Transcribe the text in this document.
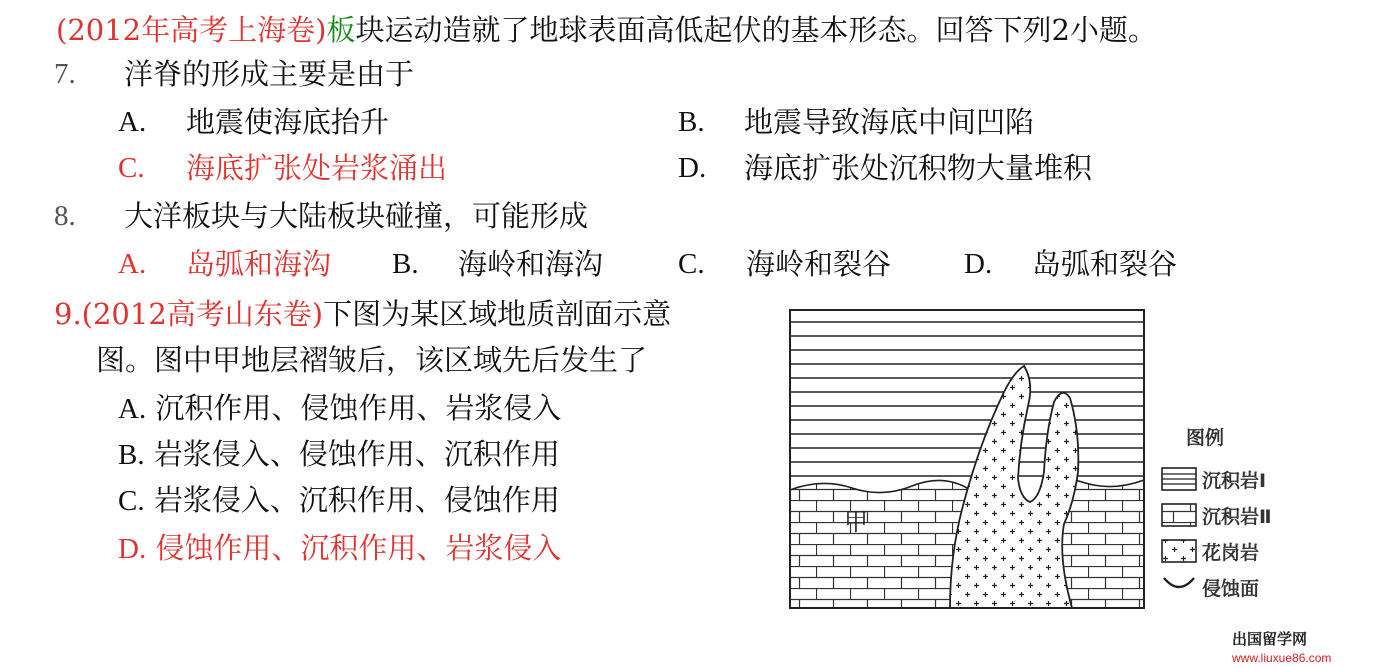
(2012年高考上海卷)板块运动造就了地球表面高低起伏的基本形态。回答下列2小题。
7. 洋脊的形成主要是由于
A. 地震使海底抬升	B. 地震导致海底中间凹陷
C. 海底扩张处岩浆涌出	D. 海底扩张处沉积物大量堆积
8. 大洋板块与大陆板块碰撞，可能形成
A. 岛弧和海沟 B. 海岭和海沟	C. 海岭和裂谷	D. 岛弧和裂谷
9.(2012高考山东卷)下图为某区域地质剖面示意
图。图中甲地层褶皱后，该区域先后发生了
A. 沉积作用、侵蚀作用、岩浆侵入
B. 岩浆侵入、侵蚀作用、沉积作用
C. 岩浆侵入、沉积作用、侵蚀作用
D. 侵蚀作用、沉积作用、岩浆侵入
甲
图例
沉积岩Ⅰ
沉积岩Ⅱ
花岗岩
侵蚀面
出国留学网
www.liuxue86.com
